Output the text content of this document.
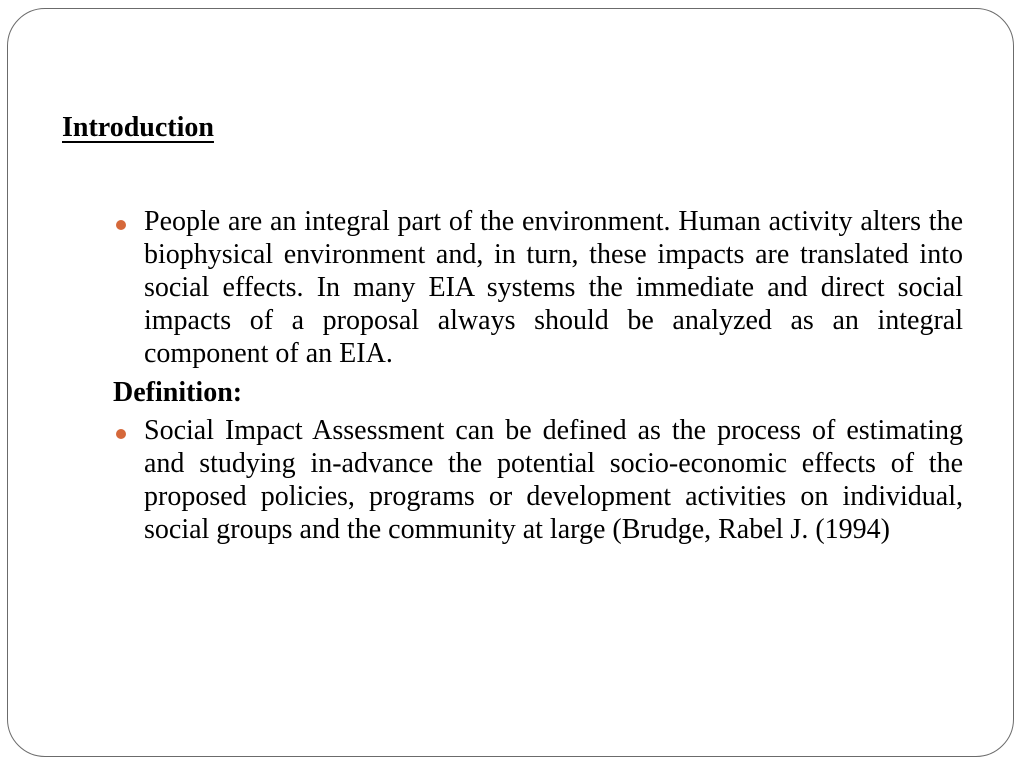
Introduction

People are an integral part of the environment. Human activity alters the biophysical environment and, in turn, these impacts are translated into social effects. In many EIA systems the immediate and direct social impacts of a proposal always should be analyzed as an integral component of an EIA.

Definition:

Social Impact Assessment can be defined as the process of estimating and studying in-advance the potential socio-economic effects of the proposed policies, programs or development activities on individual, social groups and the community at large (Brudge, Rabel J. (1994)
